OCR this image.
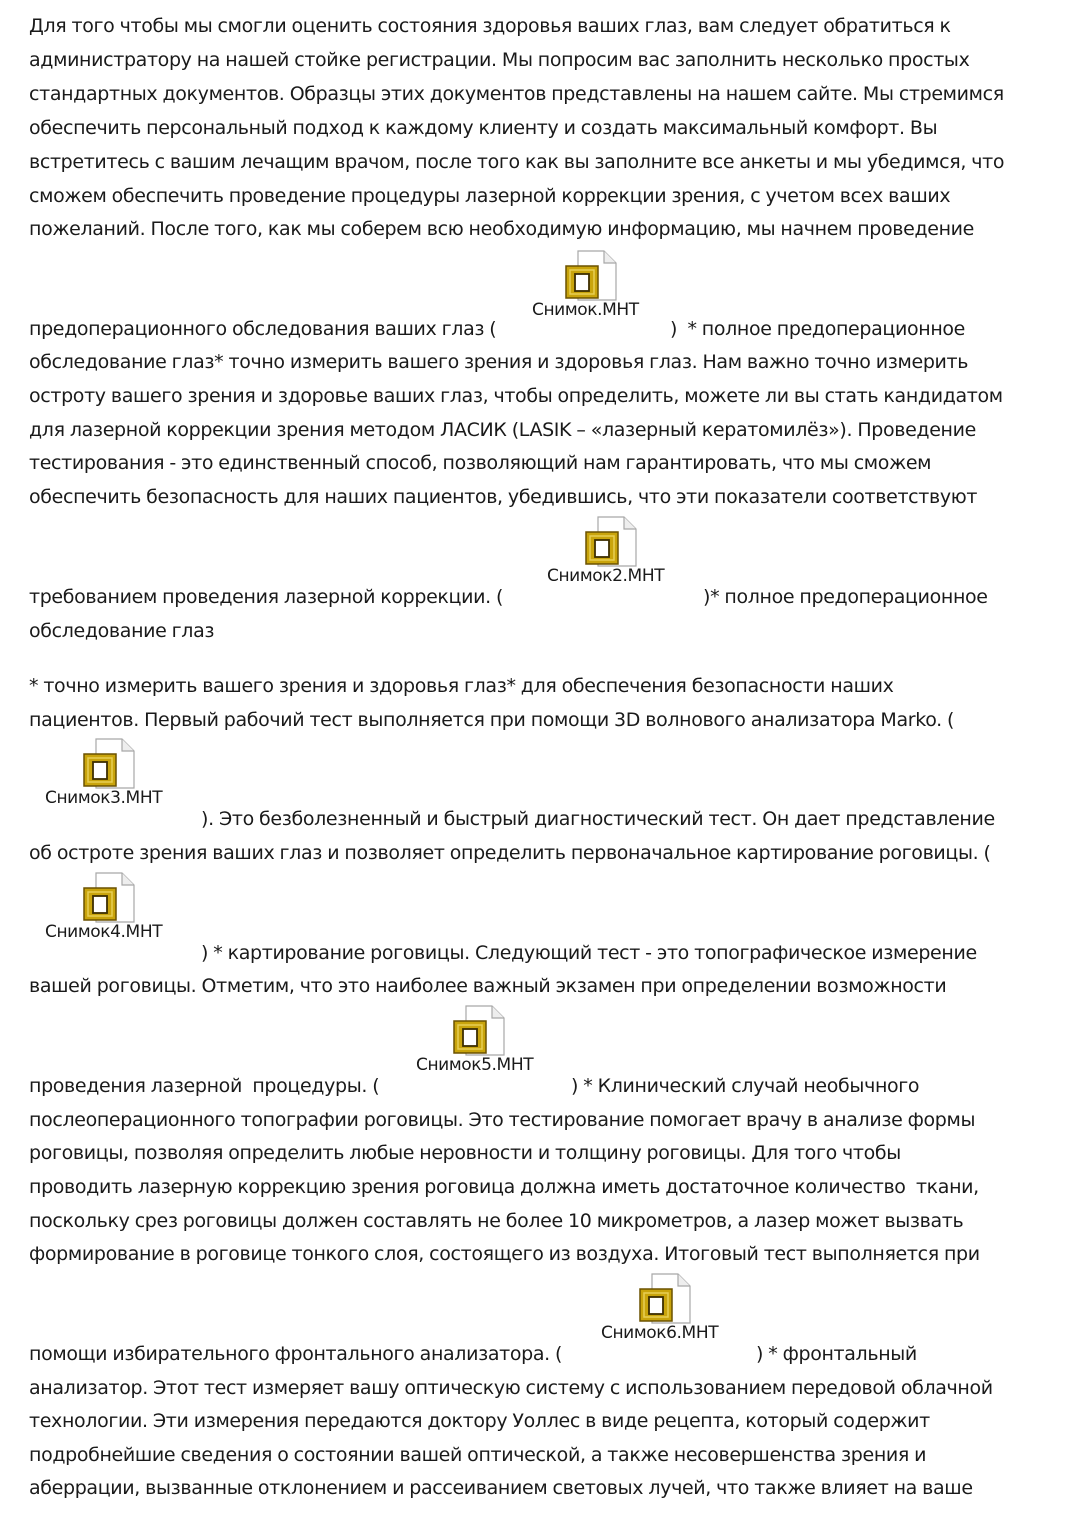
Для того чтобы мы смогли оценить состояния здоровья ваших глаз, вам следует обратиться к
администратору на нашей стойке регистрации. Мы попросим вас заполнить несколько простых
стандартных документов. Образцы этих документов представлены на нашем сайте. Мы стремимся
обеспечить персональный подход к каждому клиенту и создать максимальный комфорт. Вы
встретитесь с вашим лечащим врачом, после того как вы заполните все анкеты и мы убедимся, что
сможем обеспечить проведение процедуры лазерной коррекции зрения, с учетом всех ваших
пожеланий. После того, как мы соберем всю необходимую информацию, мы начнем проведение
Снимок.MHT
предоперационного обследования ваших глаз (	)  * полное предоперационное
обследование глаз* точно измерить вашего зрения и здоровья глаз. Нам важно точно измерить
остроту вашего зрения и здоровье ваших глаз, чтобы определить, можете ли вы стать кандидатом
для лазерной коррекции зрения методом ЛАСИК (LASIK – «лазерный кератомилёз»). Проведение
тестирования - это единственный способ, позволяющий нам гарантировать, что мы сможем
обеспечить безопасность для наших пациентов, убедившись, что эти показатели соответствуют
Снимок2.MHT
требованием проведения лазерной коррекции. (	)* полное предоперационное
обследование глаз
* точно измерить вашего зрения и здоровья глаз* для обеспечения безопасности наших
пациентов. Первый рабочий тест выполняется при помощи 3D волнового анализатора Marko. (
Снимок3.MHT
). Это безболезненный и быстрый диагностический тест. Он дает представление
об остроте зрения ваших глаз и позволяет определить первоначальное картирование роговицы. (
Снимок4.MHT
) * картирование роговицы. Следующий тест - это топографическое измерение
вашей роговицы. Отметим, что это наиболее важный экзамен при определении возможности
Снимок5.MHT
проведения лазерной  процедуры. (	) * Клинический случай необычного
послеоперационного топографии роговицы. Это тестирование помогает врачу в анализе формы
роговицы, позволяя определить любые неровности и толщину роговицы. Для того чтобы
проводить лазерную коррекцию зрения роговица должна иметь достаточное количество  ткани,
поскольку срез роговицы должен составлять не более 10 микрометров, а лазер может вызвать
формирование в роговице тонкого слоя, состоящего из воздуха. Итоговый тест выполняется при
Снимок6.MHT
помощи избирательного фронтального анализатора. (	) * фронтальный
анализатор. Этот тест измеряет вашу оптическую систему с использованием передовой облачной
технологии. Эти измерения передаются доктору Уоллес в виде рецепта, который содержит
подробнейшие сведения о состоянии вашей оптической, а также несовершенства зрения и
аберрации, вызванные отклонением и рассеиванием световых лучей, что также влияет на ваше
